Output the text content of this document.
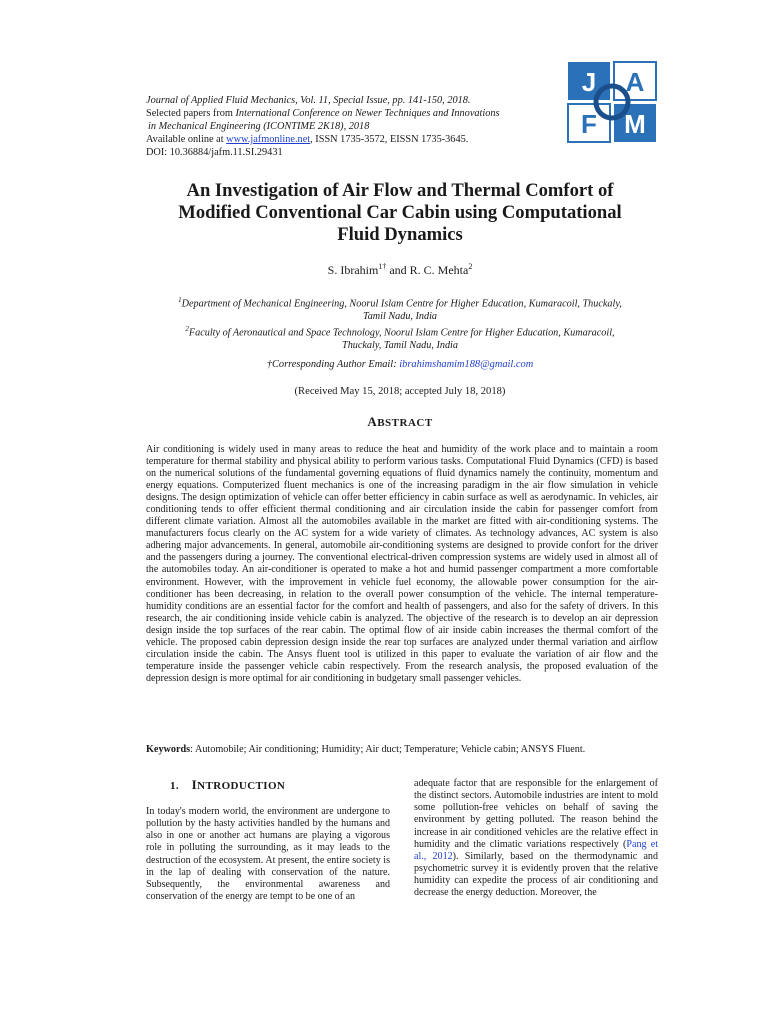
Journal of Applied Fluid Mechanics, Vol. 11, Special Issue, pp. 141-150, 2018.
Selected papers from International Conference on Newer Techniques and Innovations
in Mechanical Engineering (ICONTIME 2K18), 2018
Available online at www.jafmonline.net, ISSN 1735-3572, EISSN 1735-3645.
DOI: 10.36884/jafm.11.SI.29431
J A
F M
An Investigation of Air Flow and Thermal Comfort of
Modified Conventional Car Cabin using Computational
Fluid Dynamics
S. Ibrahim$^{1\dagger}$ and R. C. Mehta$^2$
$^1$Department of Mechanical Engineering, Noorul Islam Centre for Higher Education, Kumaracoil, Thuckaly,
Tamil Nadu, India
$^2$Faculty of Aeronautical and Space Technology, Noorul Islam Centre for Higher Education, Kumaracoil,
Thuckaly, Tamil Nadu, India
†Corresponding Author Email: ibrahimshamim188@gmail.com
(Received May 15, 2018; accepted July 18, 2018)
ABSTRACT
Air conditioning is widely used in many areas to reduce the heat and humidity of the work place and to maintain a room temperature for thermal stability and physical ability to perform various tasks. Computational Fluid Dynamics (CFD) is based on the numerical solutions of the fundamental governing equations of fluid dynamics namely the continuity, momentum and energy equations. Computerized fluent mechanics is one of the increasing paradigm in the air flow simulation in vehicle designs. The design optimization of vehicle can offer better efficiency in cabin surface as well as aerodynamic. In vehicles, air conditioning tends to offer efficient thermal conditioning and air circulation inside the cabin for passenger comfort from different climate variation. Almost all the automobiles available in the market are fitted with air-conditioning systems. The manufacturers focus clearly on the AC system for a wide variety of climates. As technology advances, AC system is also adhering major advancements. In general, automobile air-conditioning systems are designed to provide confort for the driver and the passengers during a journey. The conventional electrical-driven compression systems are widely used in almost all of the automobiles today. An air-conditioner is operated to make a hot and humid passenger compartment a more comfortable environment. However, with the improvement in vehicle fuel economy, the allowable power consumption for the air-conditioner has been decreasing, in relation to the overall power consumption of the vehicle. The internal temperature-humidity conditions are an essential factor for the comfort and health of passengers, and also for the safety of drivers. In this research, the air conditioning inside vehicle cabin is analyzed. The objective of the research is to develop an air depression design inside the top surfaces of the rear cabin. The optimal flow of air inside cabin increases the thermal comfort of the vehicle. The proposed cabin depression design inside the rear top surfaces are analyzed under thermal variation and airflow circulation inside the cabin. The Ansys fluent tool is utilized in this paper to evaluate the variation of air flow and the temperature inside the passenger vehicle cabin respectively. From the research analysis, the proposed evaluation of the depression design is more optimal for air conditioning in budgetary small passenger vehicles.
Keywords: Automobile; Air conditioning; Humidity; Air duct; Temperature; Vehicle cabin; ANSYS Fluent.
1. INTRODUCTION
In today's modern world, the environment are undergone to pollution by the hasty activities handled by the humans and also in one or another act humans are playing a vigorous role in polluting the surrounding, as it may leads to the destruction of the ecosystem. At present, the entire society is in the lap of dealing with conservation of the nature. Subsequently, the environmental awareness and conservation of the energy are tempt to be one of an
adequate factor that are responsible for the enlargement of the distinct sectors. Automobile industries are intent to mold some pollution-free vehicles on behalf of saving the environment by getting polluted. The reason behind the increase in air conditioned vehicles are the relative effect in humidity and the climatic variations respectively (Pang et al., 2012). Similarly, based on the thermodynamic and psychometric survey it is evidently proven that the relative humidity can expedite the process of air conditioning and decrease the energy deduction. Moreover, the
